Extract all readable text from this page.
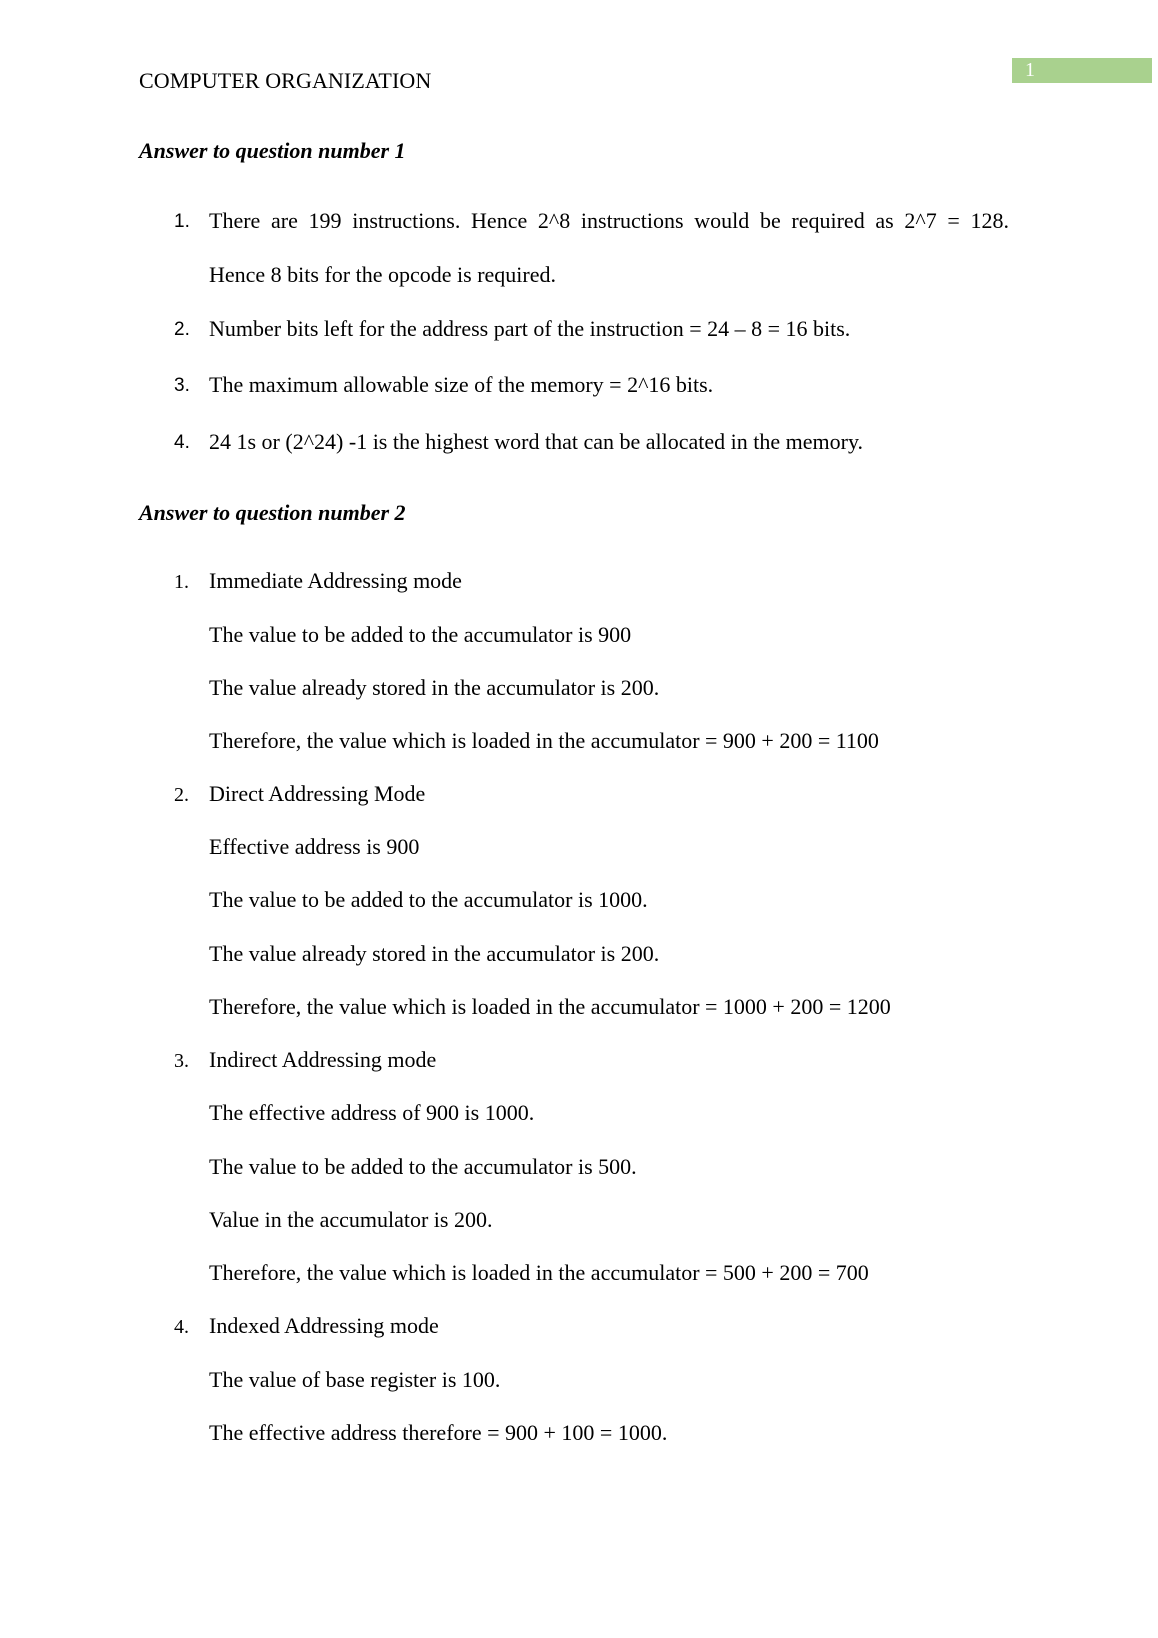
1
COMPUTER ORGANIZATION
Answer to question number 1
1. There are 199 instructions. Hence 2^8 instructions would be required as 2^7 = 128.
Hence 8 bits for the opcode is required.
2. Number bits left for the address part of the instruction = 24 – 8 = 16 bits.
3. The maximum allowable size of the memory = 2^16 bits.
4. 24 1s or (2^24) -1 is the highest word that can be allocated in the memory.
Answer to question number 2
1. Immediate Addressing mode
The value to be added to the accumulator is 900
The value already stored in the accumulator is 200.
Therefore, the value which is loaded in the accumulator = 900 + 200 = 1100
2. Direct Addressing Mode
Effective address is 900
The value to be added to the accumulator is 1000.
The value already stored in the accumulator is 200.
Therefore, the value which is loaded in the accumulator = 1000 + 200 = 1200
3. Indirect Addressing mode
The effective address of 900 is 1000.
The value to be added to the accumulator is 500.
Value in the accumulator is 200.
Therefore, the value which is loaded in the accumulator = 500 + 200 = 700
4. Indexed Addressing mode
The value of base register is 100.
The effective address therefore = 900 + 100 = 1000.
